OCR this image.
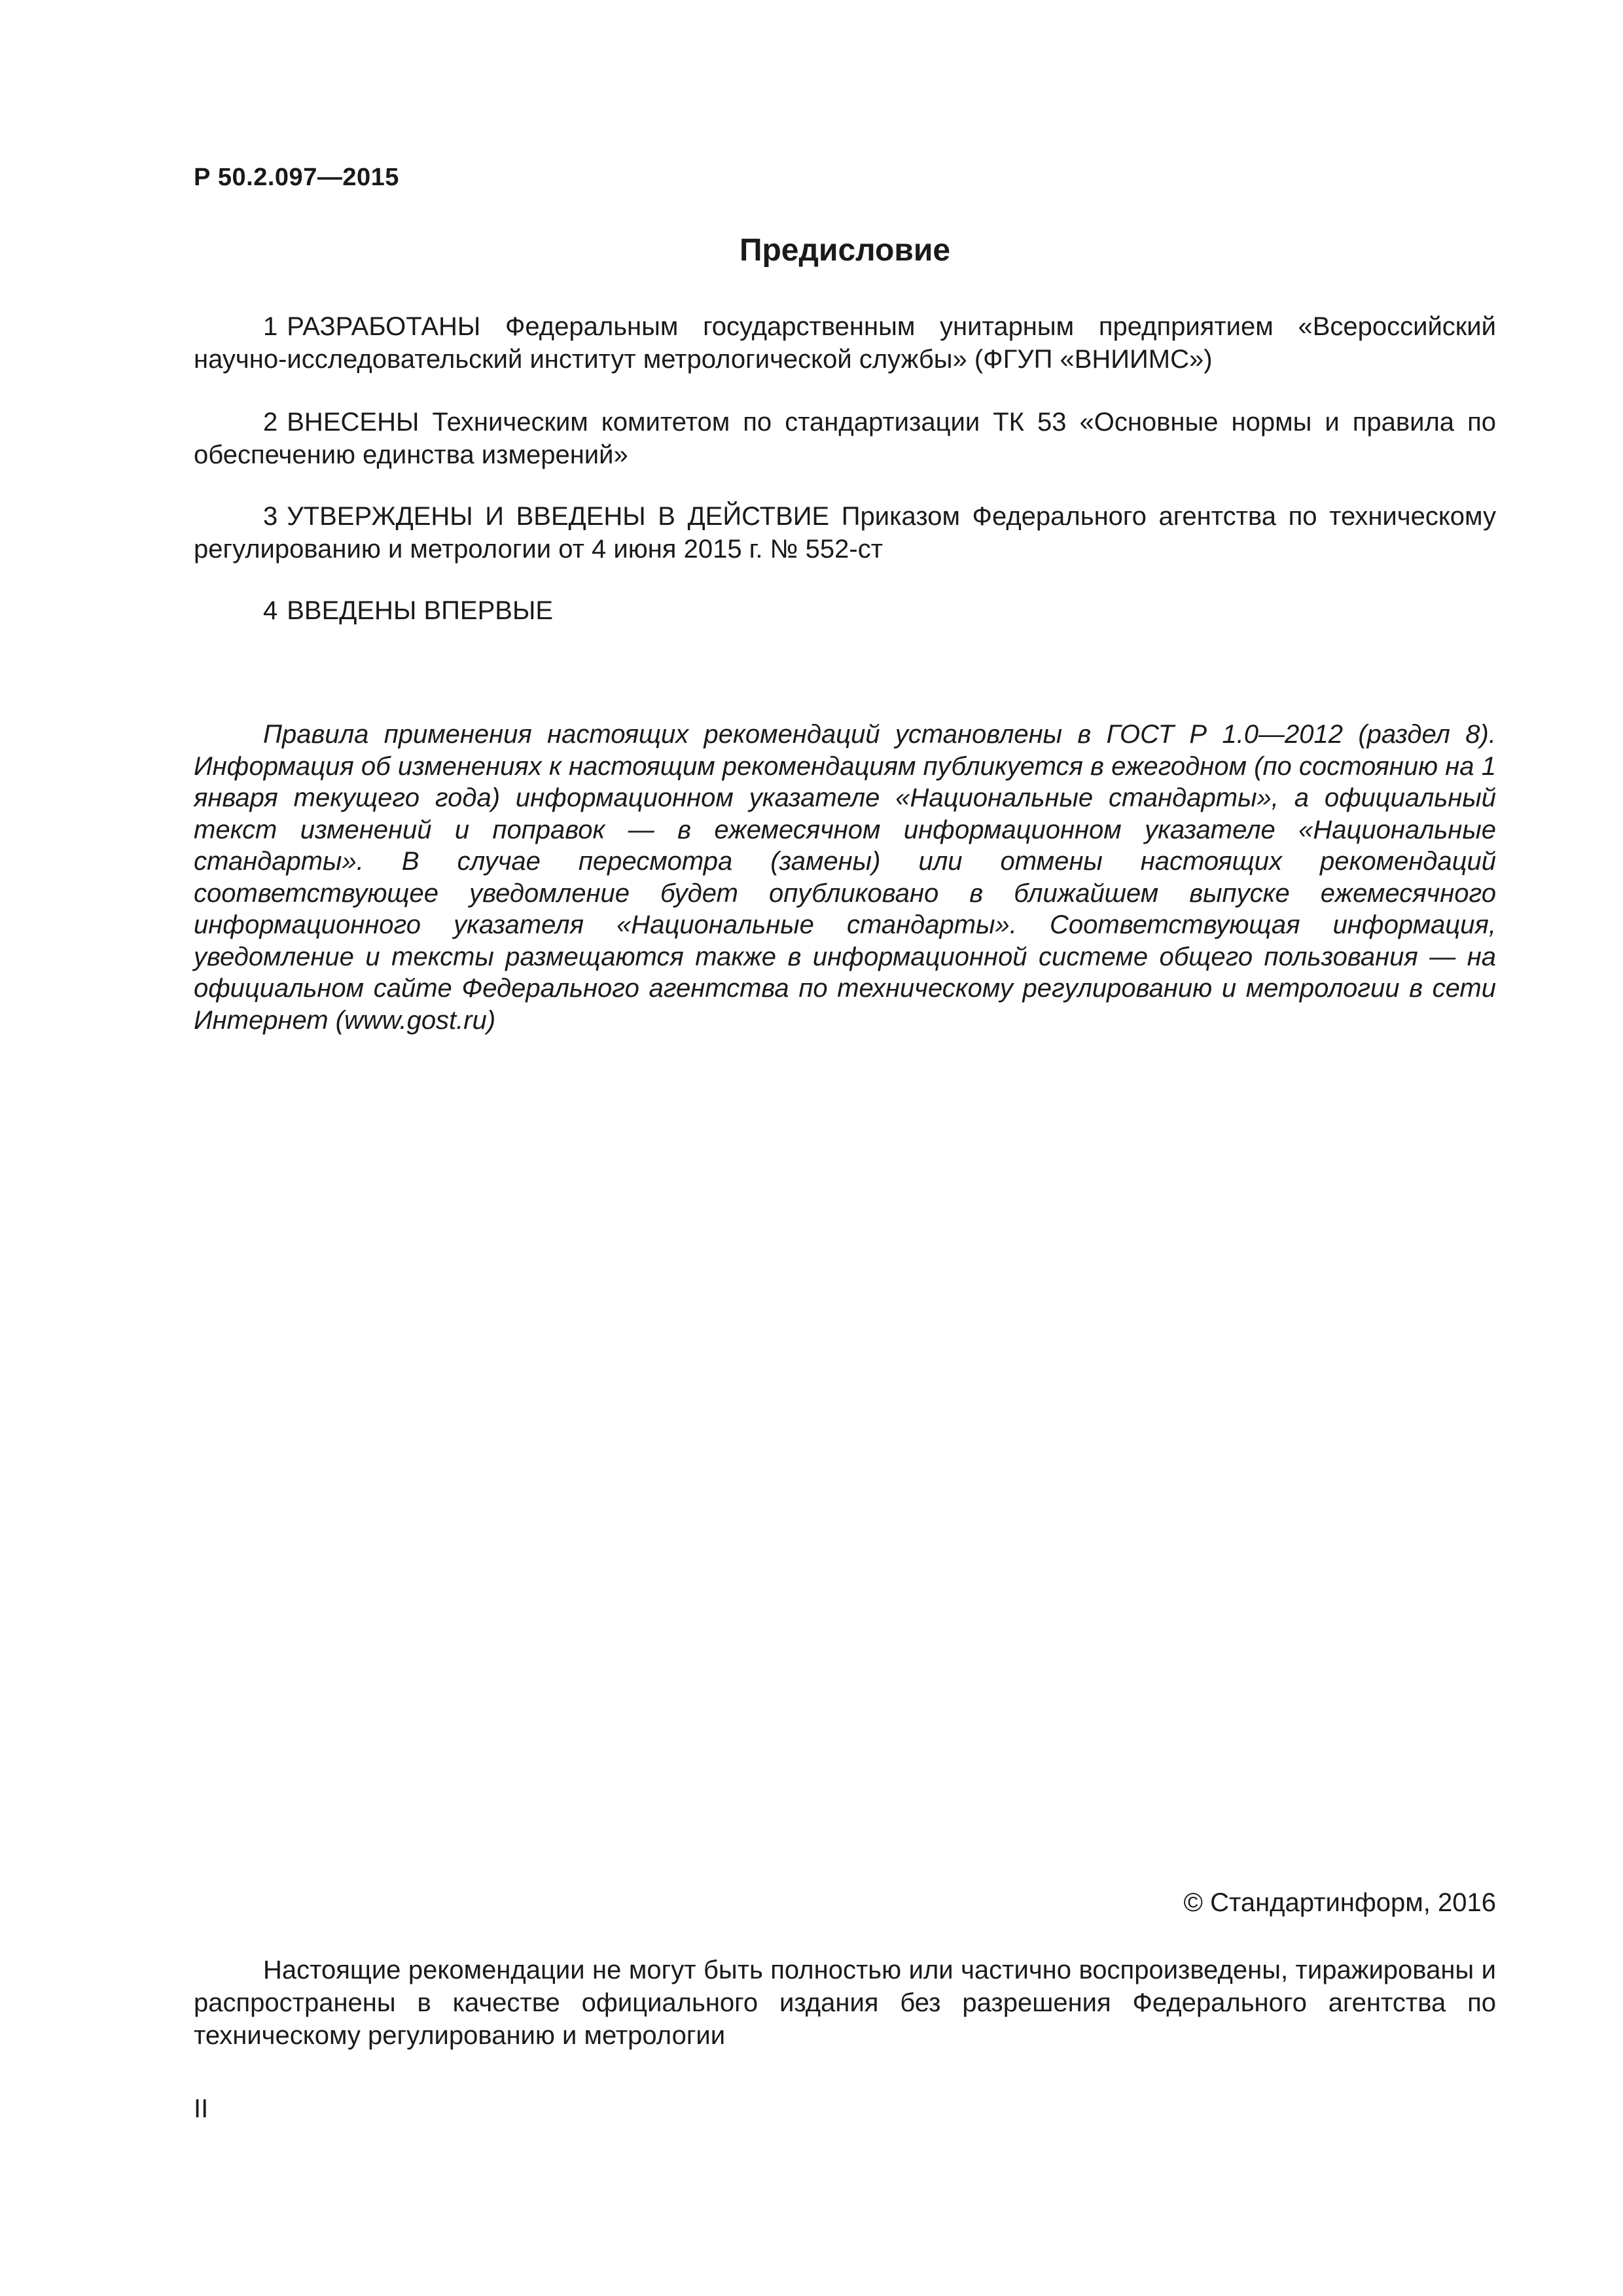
Р 50.2.097—2015
Предисловие

1 РАЗРАБОТАНЫ Федеральным государственным унитарным предприятием «Всероссийский научно-исследовательский институт метрологической службы» (ФГУП «ВНИИМС»)

2 ВНЕСЕНЫ Техническим комитетом по стандартизации ТК 53 «Основные нормы и правила по обеспечению единства измерений»

3 УТВЕРЖДЕНЫ И ВВЕДЕНЫ В ДЕЙСТВИЕ Приказом Федерального агентства по техническому регулированию и метрологии от 4 июня 2015 г. № 552-ст

4 ВВЕДЕНЫ ВПЕРВЫЕ

Правила применения настоящих рекомендаций установлены в ГОСТ Р 1.0—2012 (раздел 8). Информация об изменениях к настоящим рекомендациям публикуется в ежегодном (по состоянию на 1 января текущего года) информационном указателе «Национальные стандарты», а официальный текст изменений и поправок — в ежемесячном информационном указателе «Национальные стандарты». В случае пересмотра (замены) или отмены настоящих рекомендаций соответствующее уведомление будет опубликовано в ближайшем выпуске ежемесячного информационного указателя «Национальные стандарты». Соответствующая информация, уведомление и тексты размещаются также в информационной системе общего пользования — на официальном сайте Федерального агентства по техническому регулированию и метрологии в сети Интернет (www.gost.ru)

© Стандартинформ, 2016

Настоящие рекомендации не могут быть полностью или частично воспроизведены, тиражированы и распространены в качестве официального издания без разрешения Федерального агентства по техническому регулированию и метрологии

II
